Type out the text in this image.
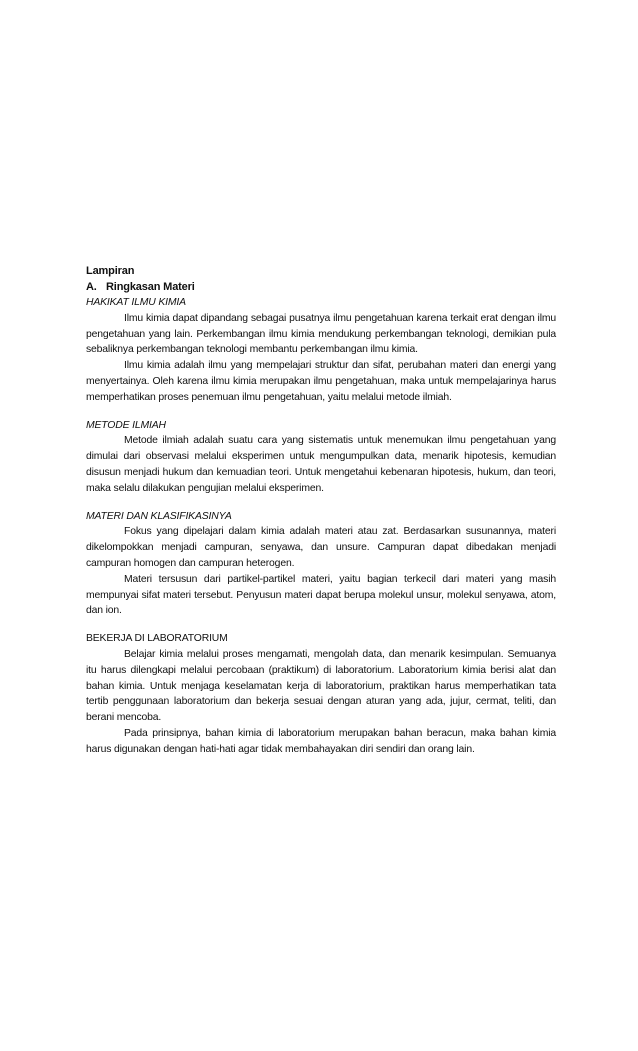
Lampiran
A. Ringkasan Materi
HAKIKAT ILMU KIMIA

Ilmu kimia dapat dipandang sebagai pusatnya ilmu pengetahuan karena terkait erat dengan ilmu pengetahuan yang lain. Perkembangan ilmu kimia mendukung perkembangan teknologi, demikian pula sebaliknya perkembangan teknologi membantu perkembangan ilmu kimia.

Ilmu kimia adalah ilmu yang mempelajari struktur dan sifat, perubahan materi dan energi yang menyertainya. Oleh karena ilmu kimia merupakan ilmu pengetahuan, maka untuk mempelajarinya harus memperhatikan proses penemuan ilmu pengetahuan, yaitu melalui metode ilmiah.

METODE ILMIAH

Metode ilmiah adalah suatu cara yang sistematis untuk menemukan ilmu pengetahuan yang dimulai dari observasi melalui eksperimen untuk mengumpulkan data, menarik hipotesis, kemudian disusun menjadi hukum dan kemuadian teori. Untuk mengetahui kebenaran hipotesis, hukum, dan teori, maka selalu dilakukan pengujian melalui eksperimen.

MATERI DAN KLASIFIKASINYA

Fokus yang dipelajari dalam kimia adalah materi atau zat. Berdasarkan susunannya, materi dikelompokkan menjadi campuran, senyawa, dan unsure. Campuran dapat dibedakan menjadi campuran homogen dan campuran heterogen.

Materi tersusun dari partikel-partikel materi, yaitu bagian terkecil dari materi yang masih mempunyai sifat materi tersebut. Penyusun materi dapat berupa molekul unsur, molekul senyawa, atom, dan ion.

BEKERJA DI LABORATORIUM

Belajar kimia melalui proses mengamati, mengolah data, dan menarik kesimpulan. Semuanya itu harus dilengkapi melalui percobaan (praktikum) di laboratorium. Laboratorium kimia berisi alat dan bahan kimia. Untuk menjaga keselamatan kerja di laboratorium, praktikan harus memperhatikan tata tertib penggunaan laboratorium dan bekerja sesuai dengan aturan yang ada, jujur, cermat, teliti, dan berani mencoba.

Pada prinsipnya, bahan kimia di laboratorium merupakan bahan beracun, maka bahan kimia harus digunakan dengan hati-hati agar tidak membahayakan diri sendiri dan orang lain.
